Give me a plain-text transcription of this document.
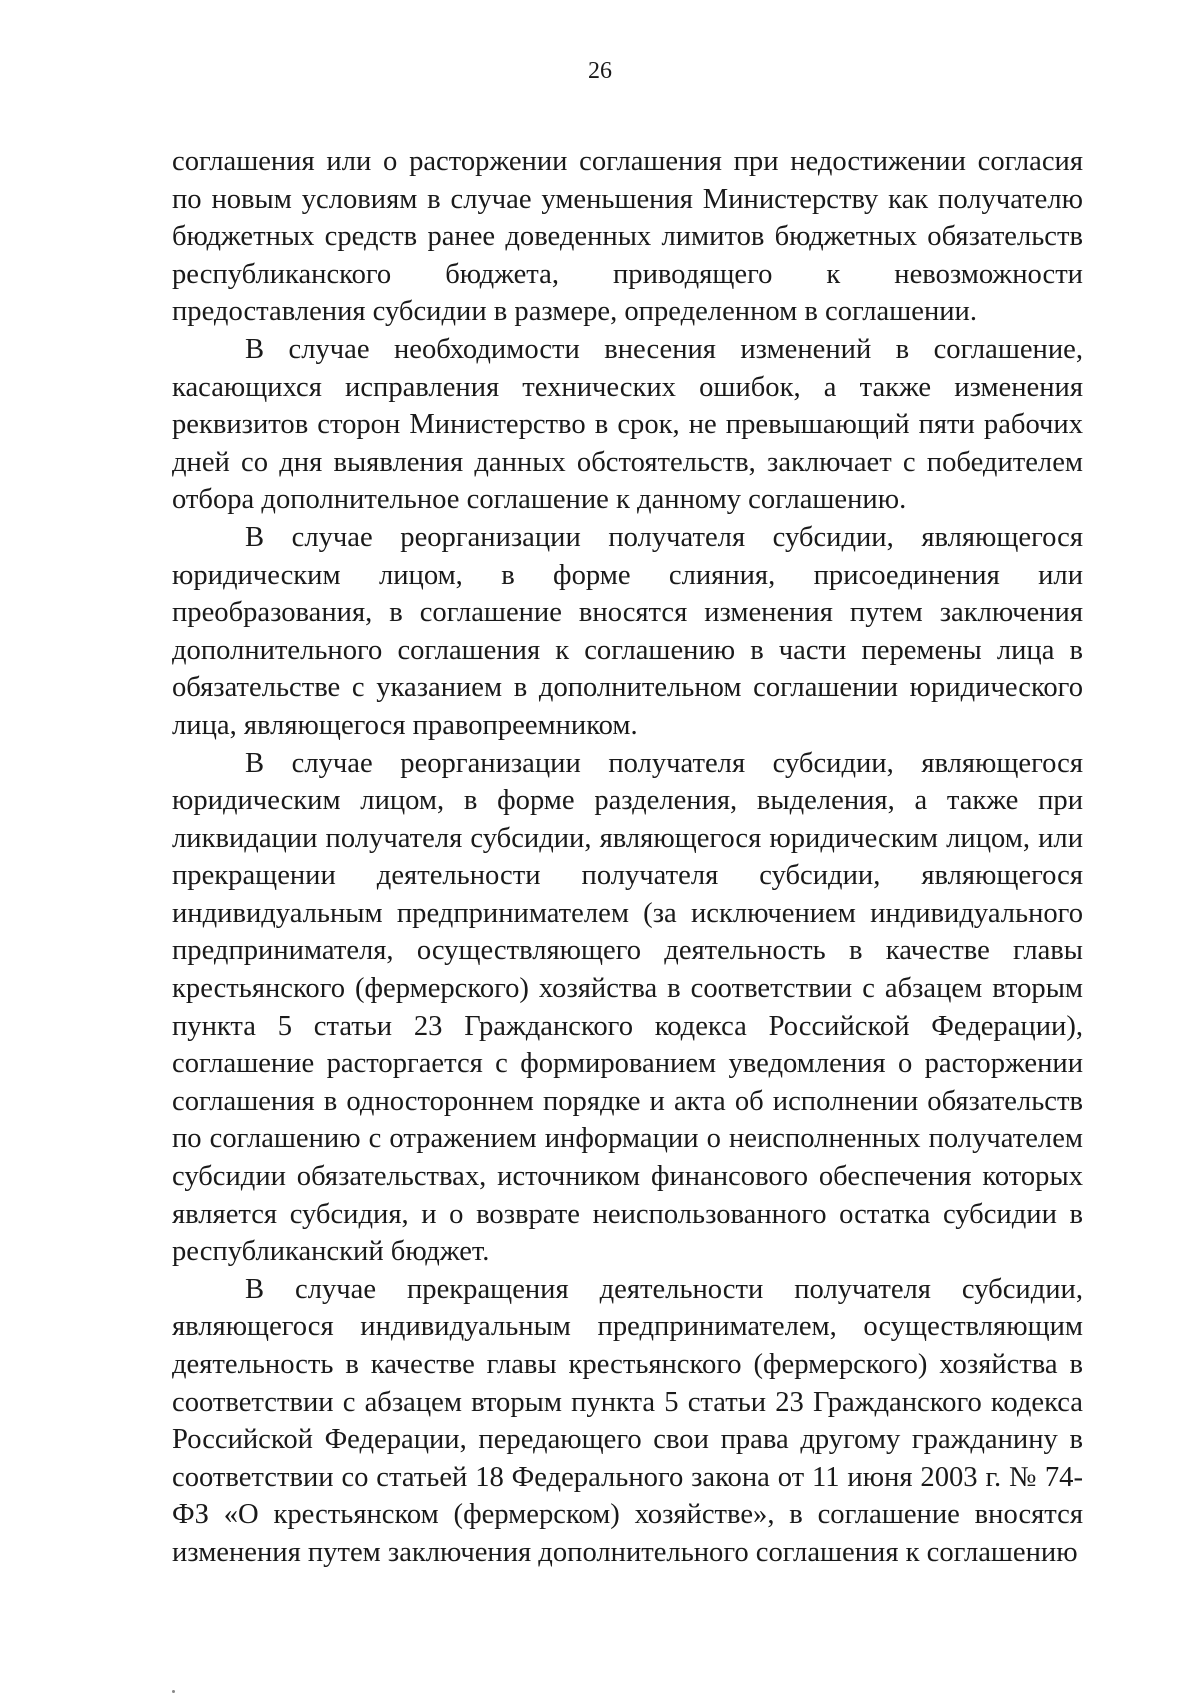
26

соглашения или о расторжении соглашения при недостижении согласия по новым условиям в случае уменьшения Министерству как получателю бюджетных средств ранее доведенных лимитов бюджетных обязательств республиканского бюджета, приводящего к невозможности предоставления субсидии в размере, определенном в соглашении.

В случае необходимости внесения изменений в соглашение, касающихся исправления технических ошибок, а также изменения реквизитов сторон Министерство в срок, не превышающий пяти рабочих дней со дня выявления данных обстоятельств, заключает с победителем отбора дополнительное соглашение к данному соглашению.

В случае реорганизации получателя субсидии, являющегося юридическим лицом, в форме слияния, присоединения или преобразования, в соглашение вносятся изменения путем заключения дополнительного соглашения к соглашению в части перемены лица в обязательстве с указанием в дополнительном соглашении юридического лица, являющегося правопреемником.

В случае реорганизации получателя субсидии, являющегося юридическим лицом, в форме разделения, выделения, а также при ликвидации получателя субсидии, являющегося юридическим лицом, или прекращении деятельности получателя субсидии, являющегося индивидуальным предпринимателем (за исключением индивидуального предпринимателя, осуществляющего деятельность в качестве главы крестьянского (фермерского) хозяйства в соответствии с абзацем вторым пункта 5 статьи 23 Гражданского кодекса Российской Федерации), соглашение расторгается с формированием уведомления о расторжении соглашения в одностороннем порядке и акта об исполнении обязательств по соглашению с отражением информации о неисполненных получателем субсидии обязательствах, источником финансового обеспечения которых является субсидия, и о возврате неиспользованного остатка субсидии в республиканский бюджет.

В случае прекращения деятельности получателя субсидии, являющегося индивидуальным предпринимателем, осуществляющим деятельность в качестве главы крестьянского (фермерского) хозяйства в соответствии с абзацем вторым пункта 5 статьи 23 Гражданского кодекса Российской Федерации, передающего свои права другому гражданину в соответствии со статьей 18 Федерального закона от 11 июня 2003 г. № 74-ФЗ «О крестьянском (фермерском) хозяйстве», в соглашение вносятся изменения путем заключения дополнительного соглашения к соглашению
